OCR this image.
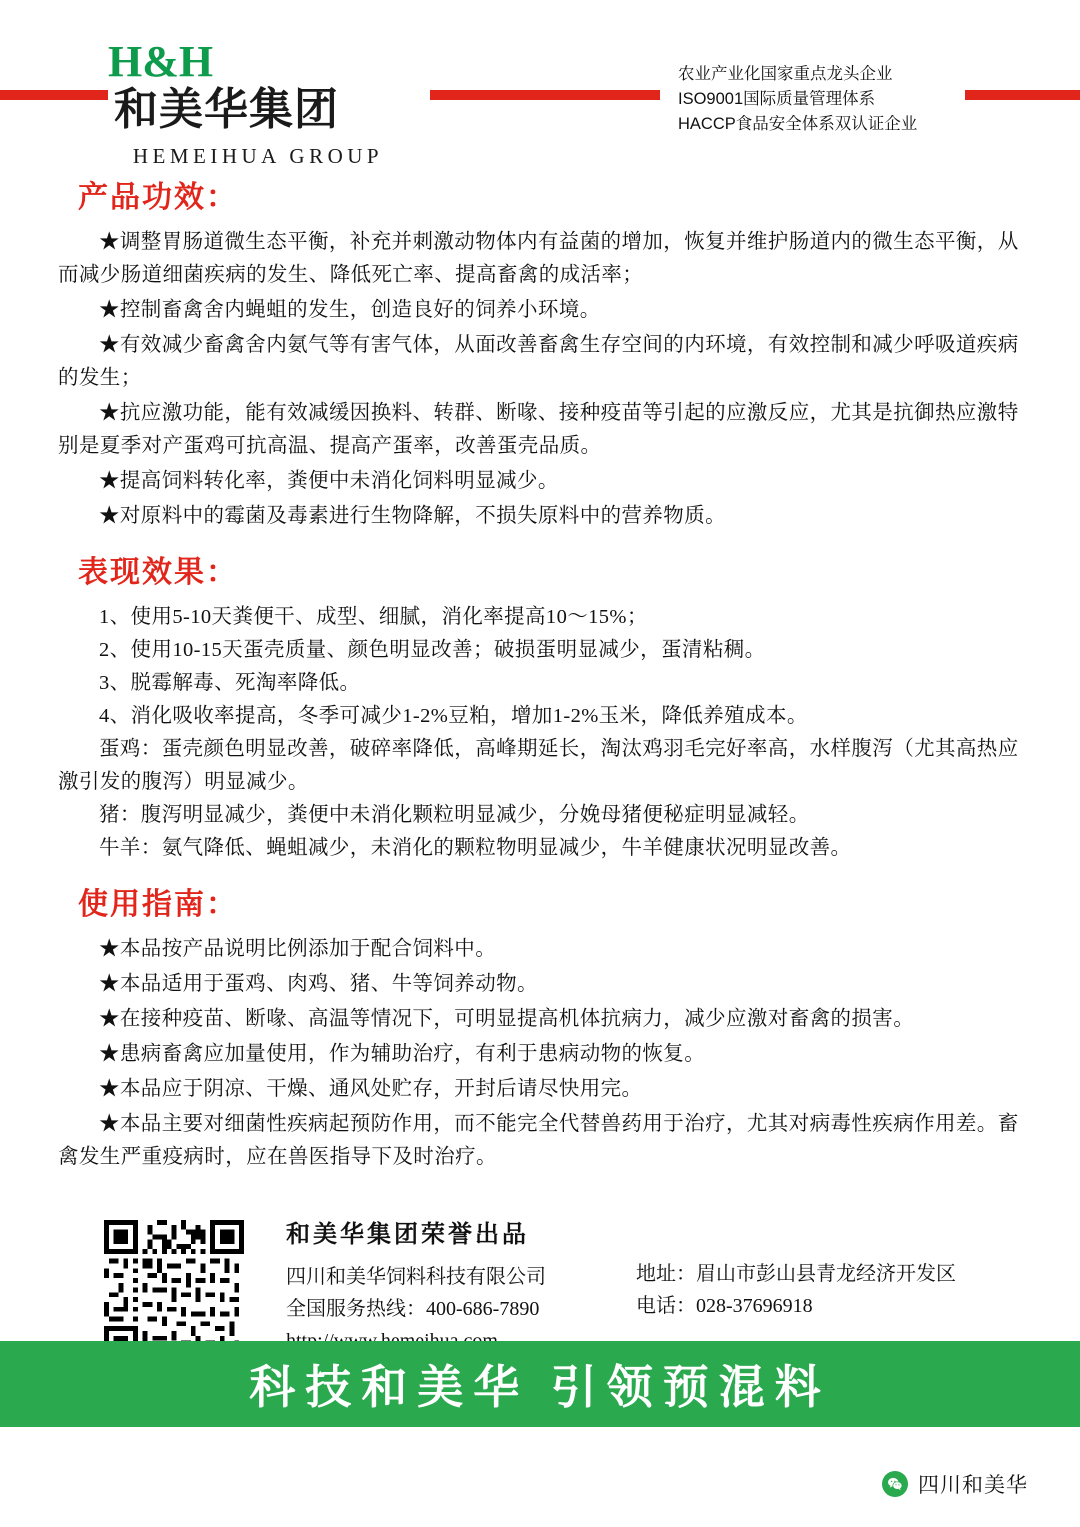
H&H和美华集团
HEMEIHUA GROUP
农业产业化国家重点龙头企业
ISO9001国际质量管理体系
HACCP食品安全体系双认证企业
产品功效：

★调整胃肠道微生态平衡，补充并刺激动物体内有益菌的增加，恢复并维护肠道内的微生态平衡，从而减少肠道细菌疾病的发生、降低死亡率、提高畜禽的成活率；

★控制畜禽舍内蝇蛆的发生，创造良好的饲养小环境。

★有效减少畜禽舍内氨气等有害气体，从面改善畜禽生存空间的内环境，有效控制和减少呼吸道疾病的发生；

★抗应激功能，能有效减缓因换料、转群、断喙、接种疫苗等引起的应激反应，尤其是抗御热应激特别是夏季对产蛋鸡可抗高温、提高产蛋率，改善蛋壳品质。

★提高饲料转化率，粪便中未消化饲料明显减少。

★对原料中的霉菌及毒素进行生物降解，不损失原料中的营养物质。

表现效果：

1、使用5-10天粪便干、成型、细腻，消化率提高10～15%；

2、使用10-15天蛋壳质量、颜色明显改善；破损蛋明显减少，蛋清粘稠。

3、脱霉解毒、死淘率降低。

4、消化吸收率提高，冬季可减少1-2%豆粕，增加1-2%玉米，降低养殖成本。

蛋鸡：蛋壳颜色明显改善，破碎率降低，高峰期延长，淘汰鸡羽毛完好率高，水样腹泻（尤其高热应激引发的腹泻）明显减少。

猪：腹泻明显减少，粪便中未消化颗粒明显减少，分娩母猪便秘症明显减轻。

牛羊：氨气降低、蝇蛆减少，未消化的颗粒物明显减少，牛羊健康状况明显改善。

使用指南：

★本品按产品说明比例添加于配合饲料中。

★本品适用于蛋鸡、肉鸡、猪、牛等饲养动物。

★在接种疫苗、断喙、高温等情况下，可明显提高机体抗病力，减少应激对畜禽的损害。

★患病畜禽应加量使用，作为辅助治疗，有利于患病动物的恢复。

★本品应于阴凉、干燥、通风处贮存，开封后请尽快用完。

★本品主要对细菌性疾病起预防作用，而不能完全代替兽药用于治疗，尤其对病毒性疾病作用差。畜禽发生严重疫病时，应在兽医指导下及时治疗。

和美华集团荣誉出品
四川和美华饲料科技有限公司
全国服务热线：400-686-7890
地址：眉山市彭山县青龙经济开发区
电话：028-37696918
科技和美华 引领预混料
四川和美华
